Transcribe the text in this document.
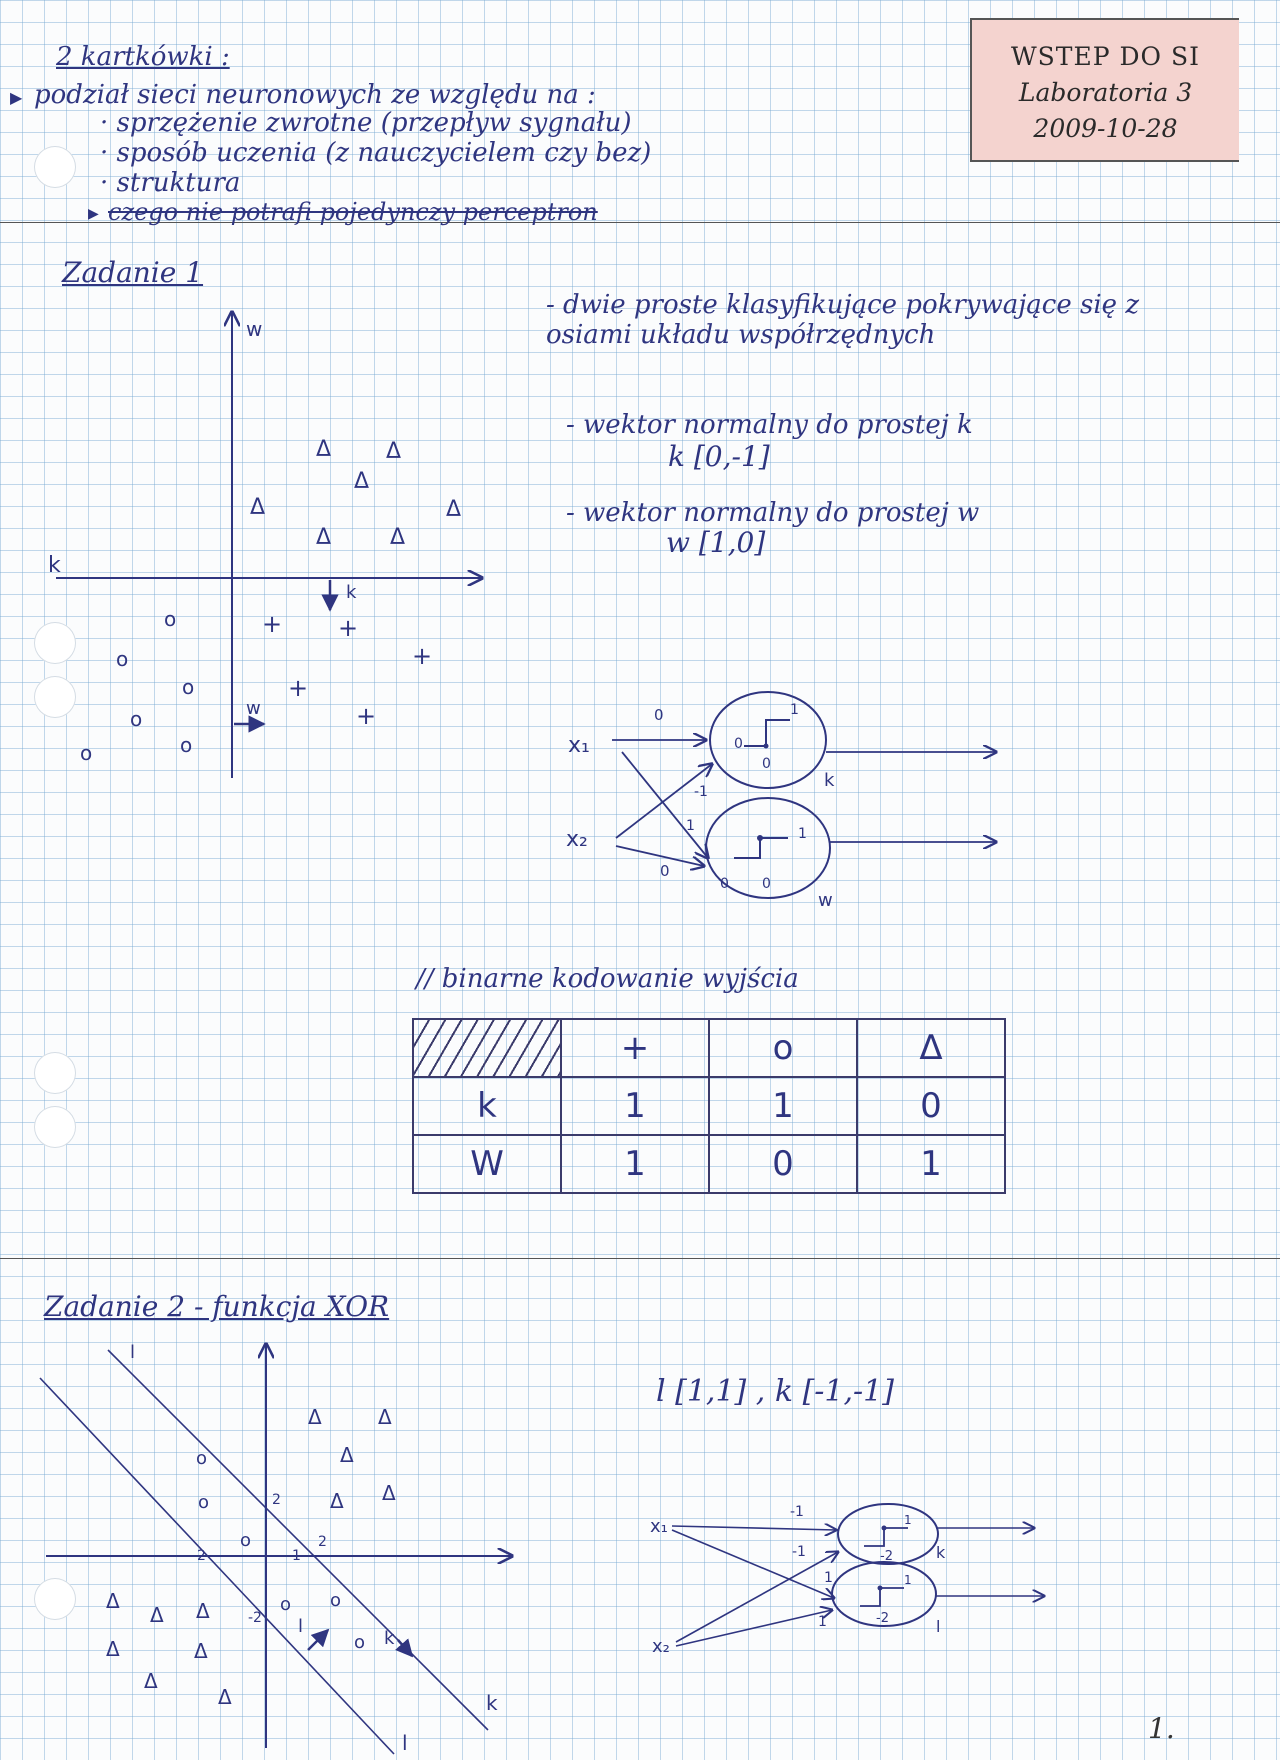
WSTEP DO SI
Laboratoria 3
2009-10-28
2 kartkówki :
▶ podział sieci neuronowych ze względu na :
· sprzężenie zwrotne (przepływ sygnału)
· sposób uczenia (z nauczycielem czy bez)
· struktura
▶ czego nie potrafi pojedynczy perceptron
Zadanie 1
- dwie proste klasyfikujące pokrywające się z osiami układu współrzędnych
- wektor normalny do prostej k
k [0,-1]
- wektor normalny do prostej w
w [1,0]
k
w
k
w
Δ Δ
Δ
Δ	Δ
Δ	Δ
+ +
+
+
+
o
o
o
o
o
o	x₁
x₂
1
0
0
1
0 0
0
-1
1
0
k
w
l
k
l
2
-2	1
2
-2 l
k
Δ	Δ
Δ
Δ Δ
Δ
Δ Δ
Δ	Δ
Δ
Δ
o
o
o
o o
o
x₁
x₂
1
-2
1
-2
-1
-1
1
1
k
l
// binarne kodowanie wyjścia
	+	o	Δ
k	1	1	0
W	1	0	1
Zadanie 2 - funkcja XOR
l [1,1] , k [-1,-1]
1.
